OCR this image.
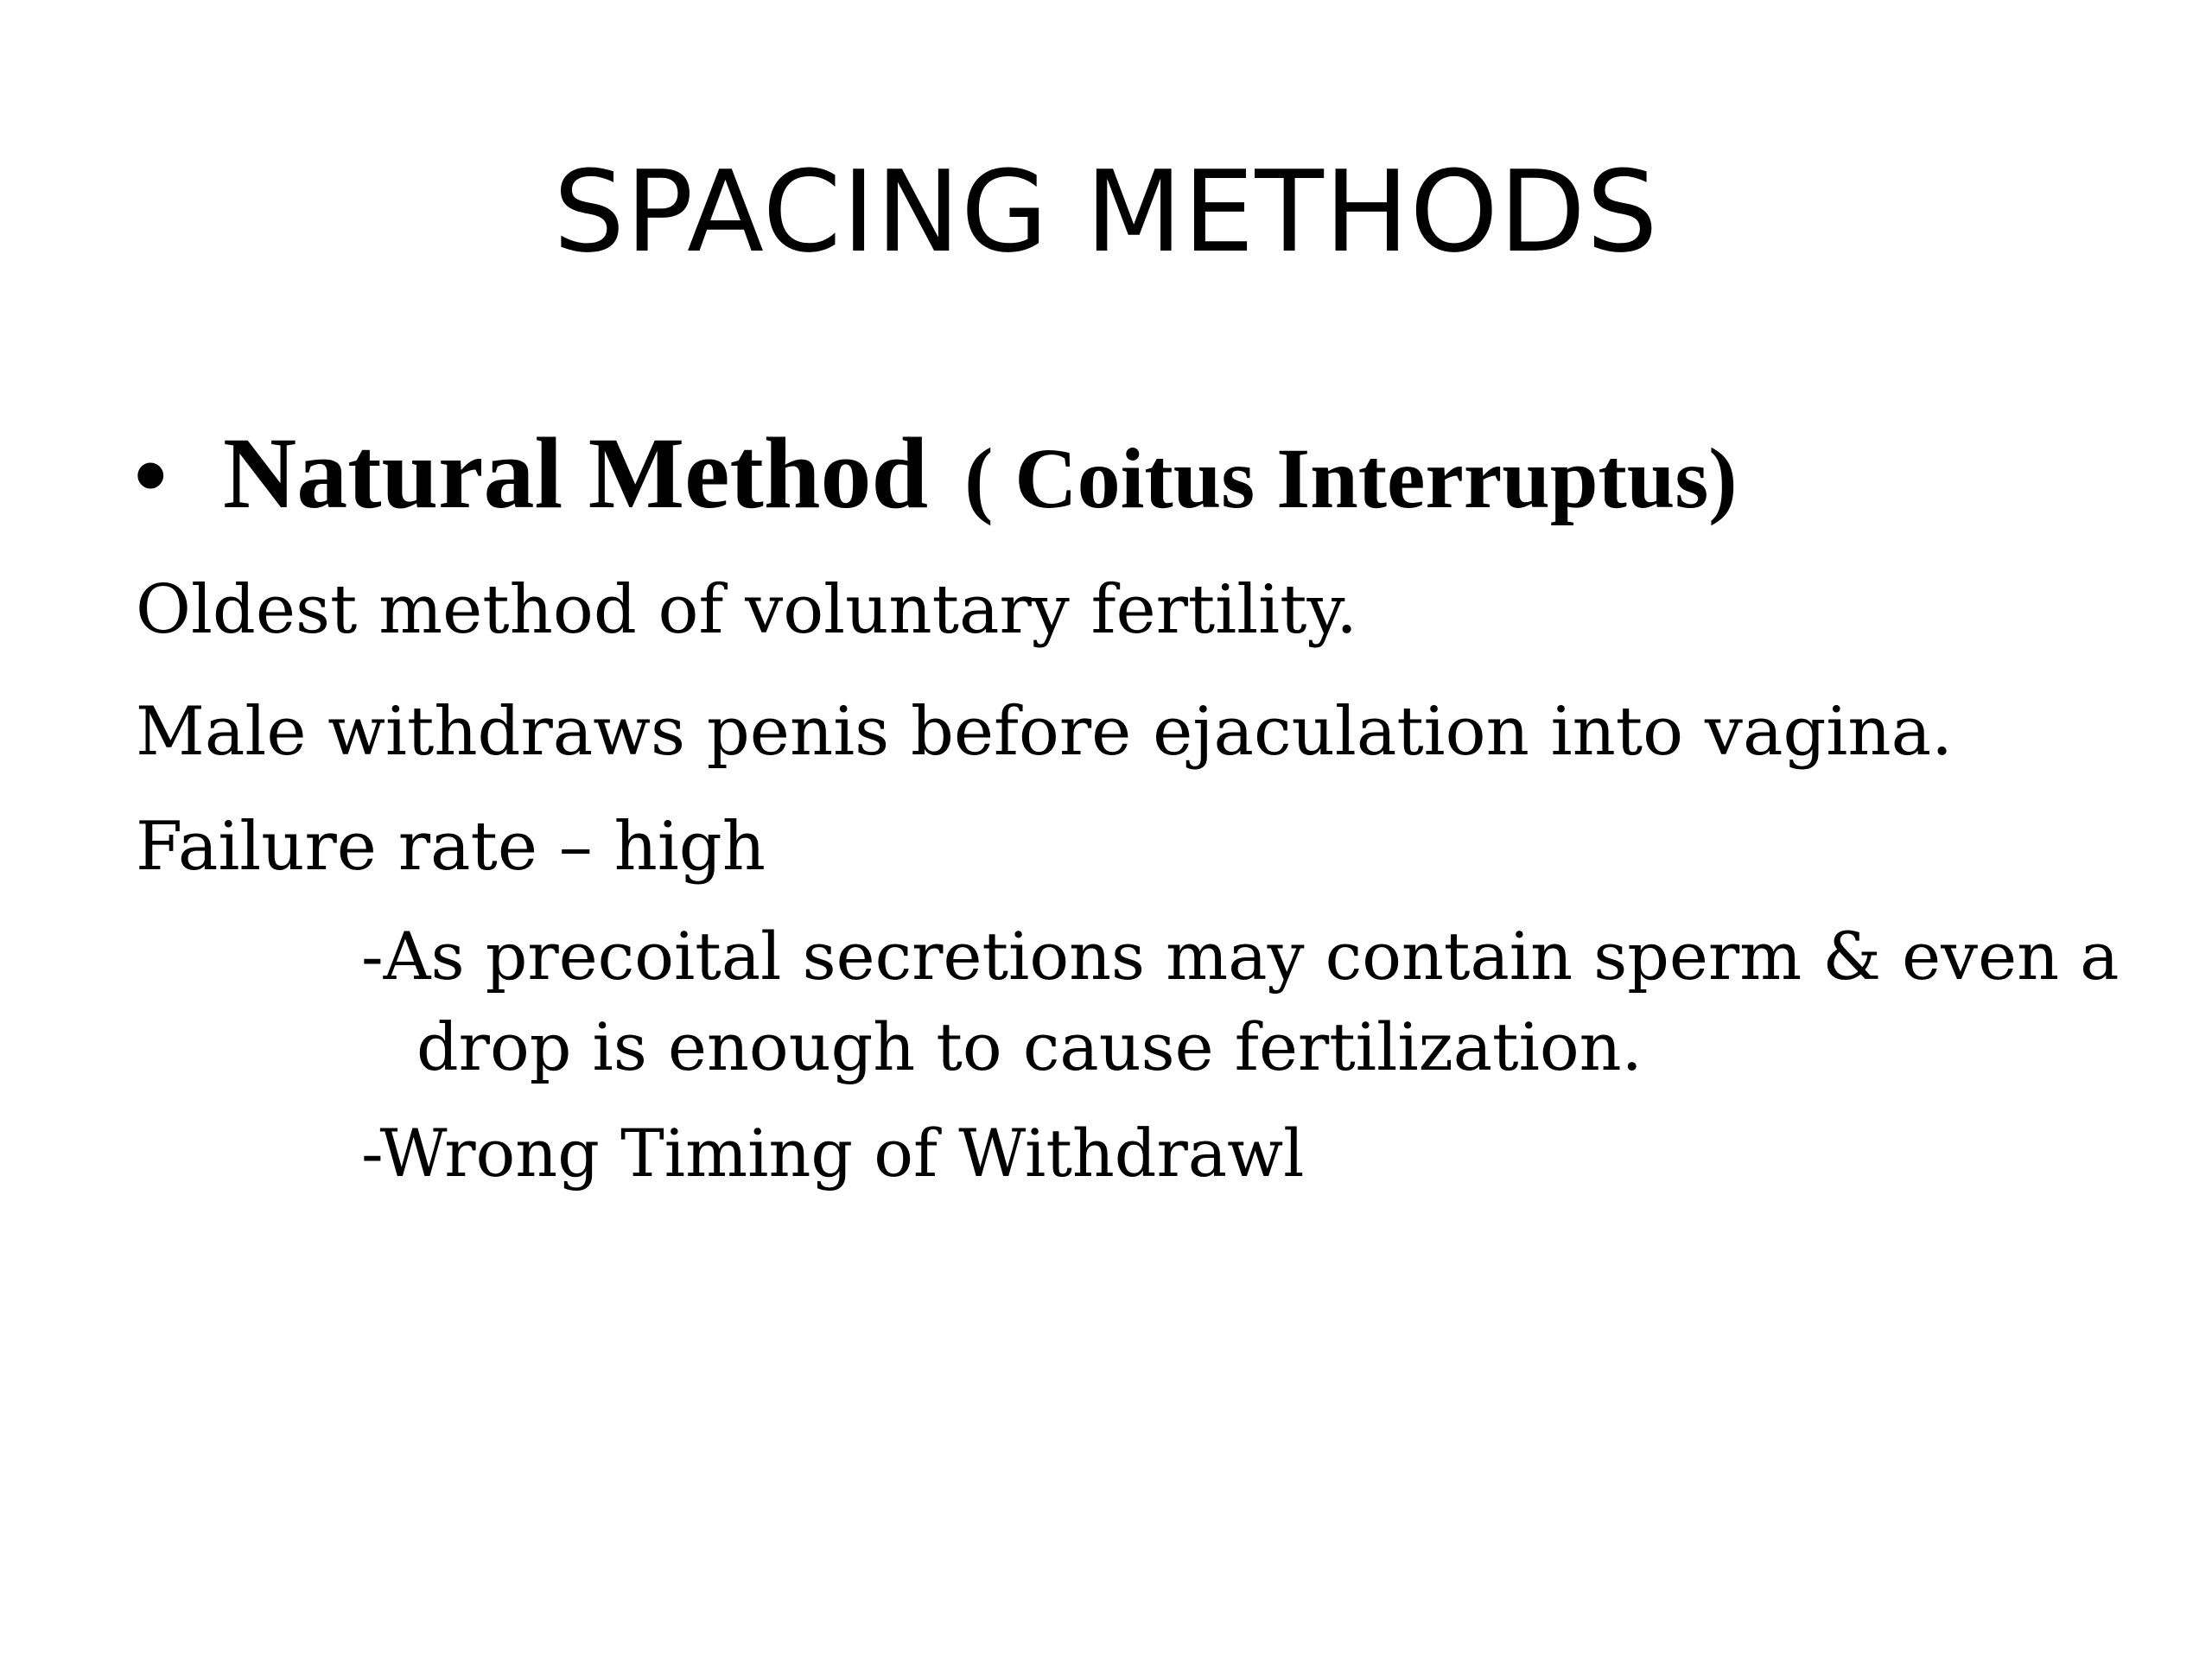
SPACING METHODS
• Natural Method ( Coitus Interruptus)
Oldest method of voluntary fertility.
Male withdraws penis before ejaculation into vagina.
Failure rate – high
-As precoital secretions may contain sperm & even a
drop is enough to cause fertilization.
-Wrong Timing of Withdrawl
